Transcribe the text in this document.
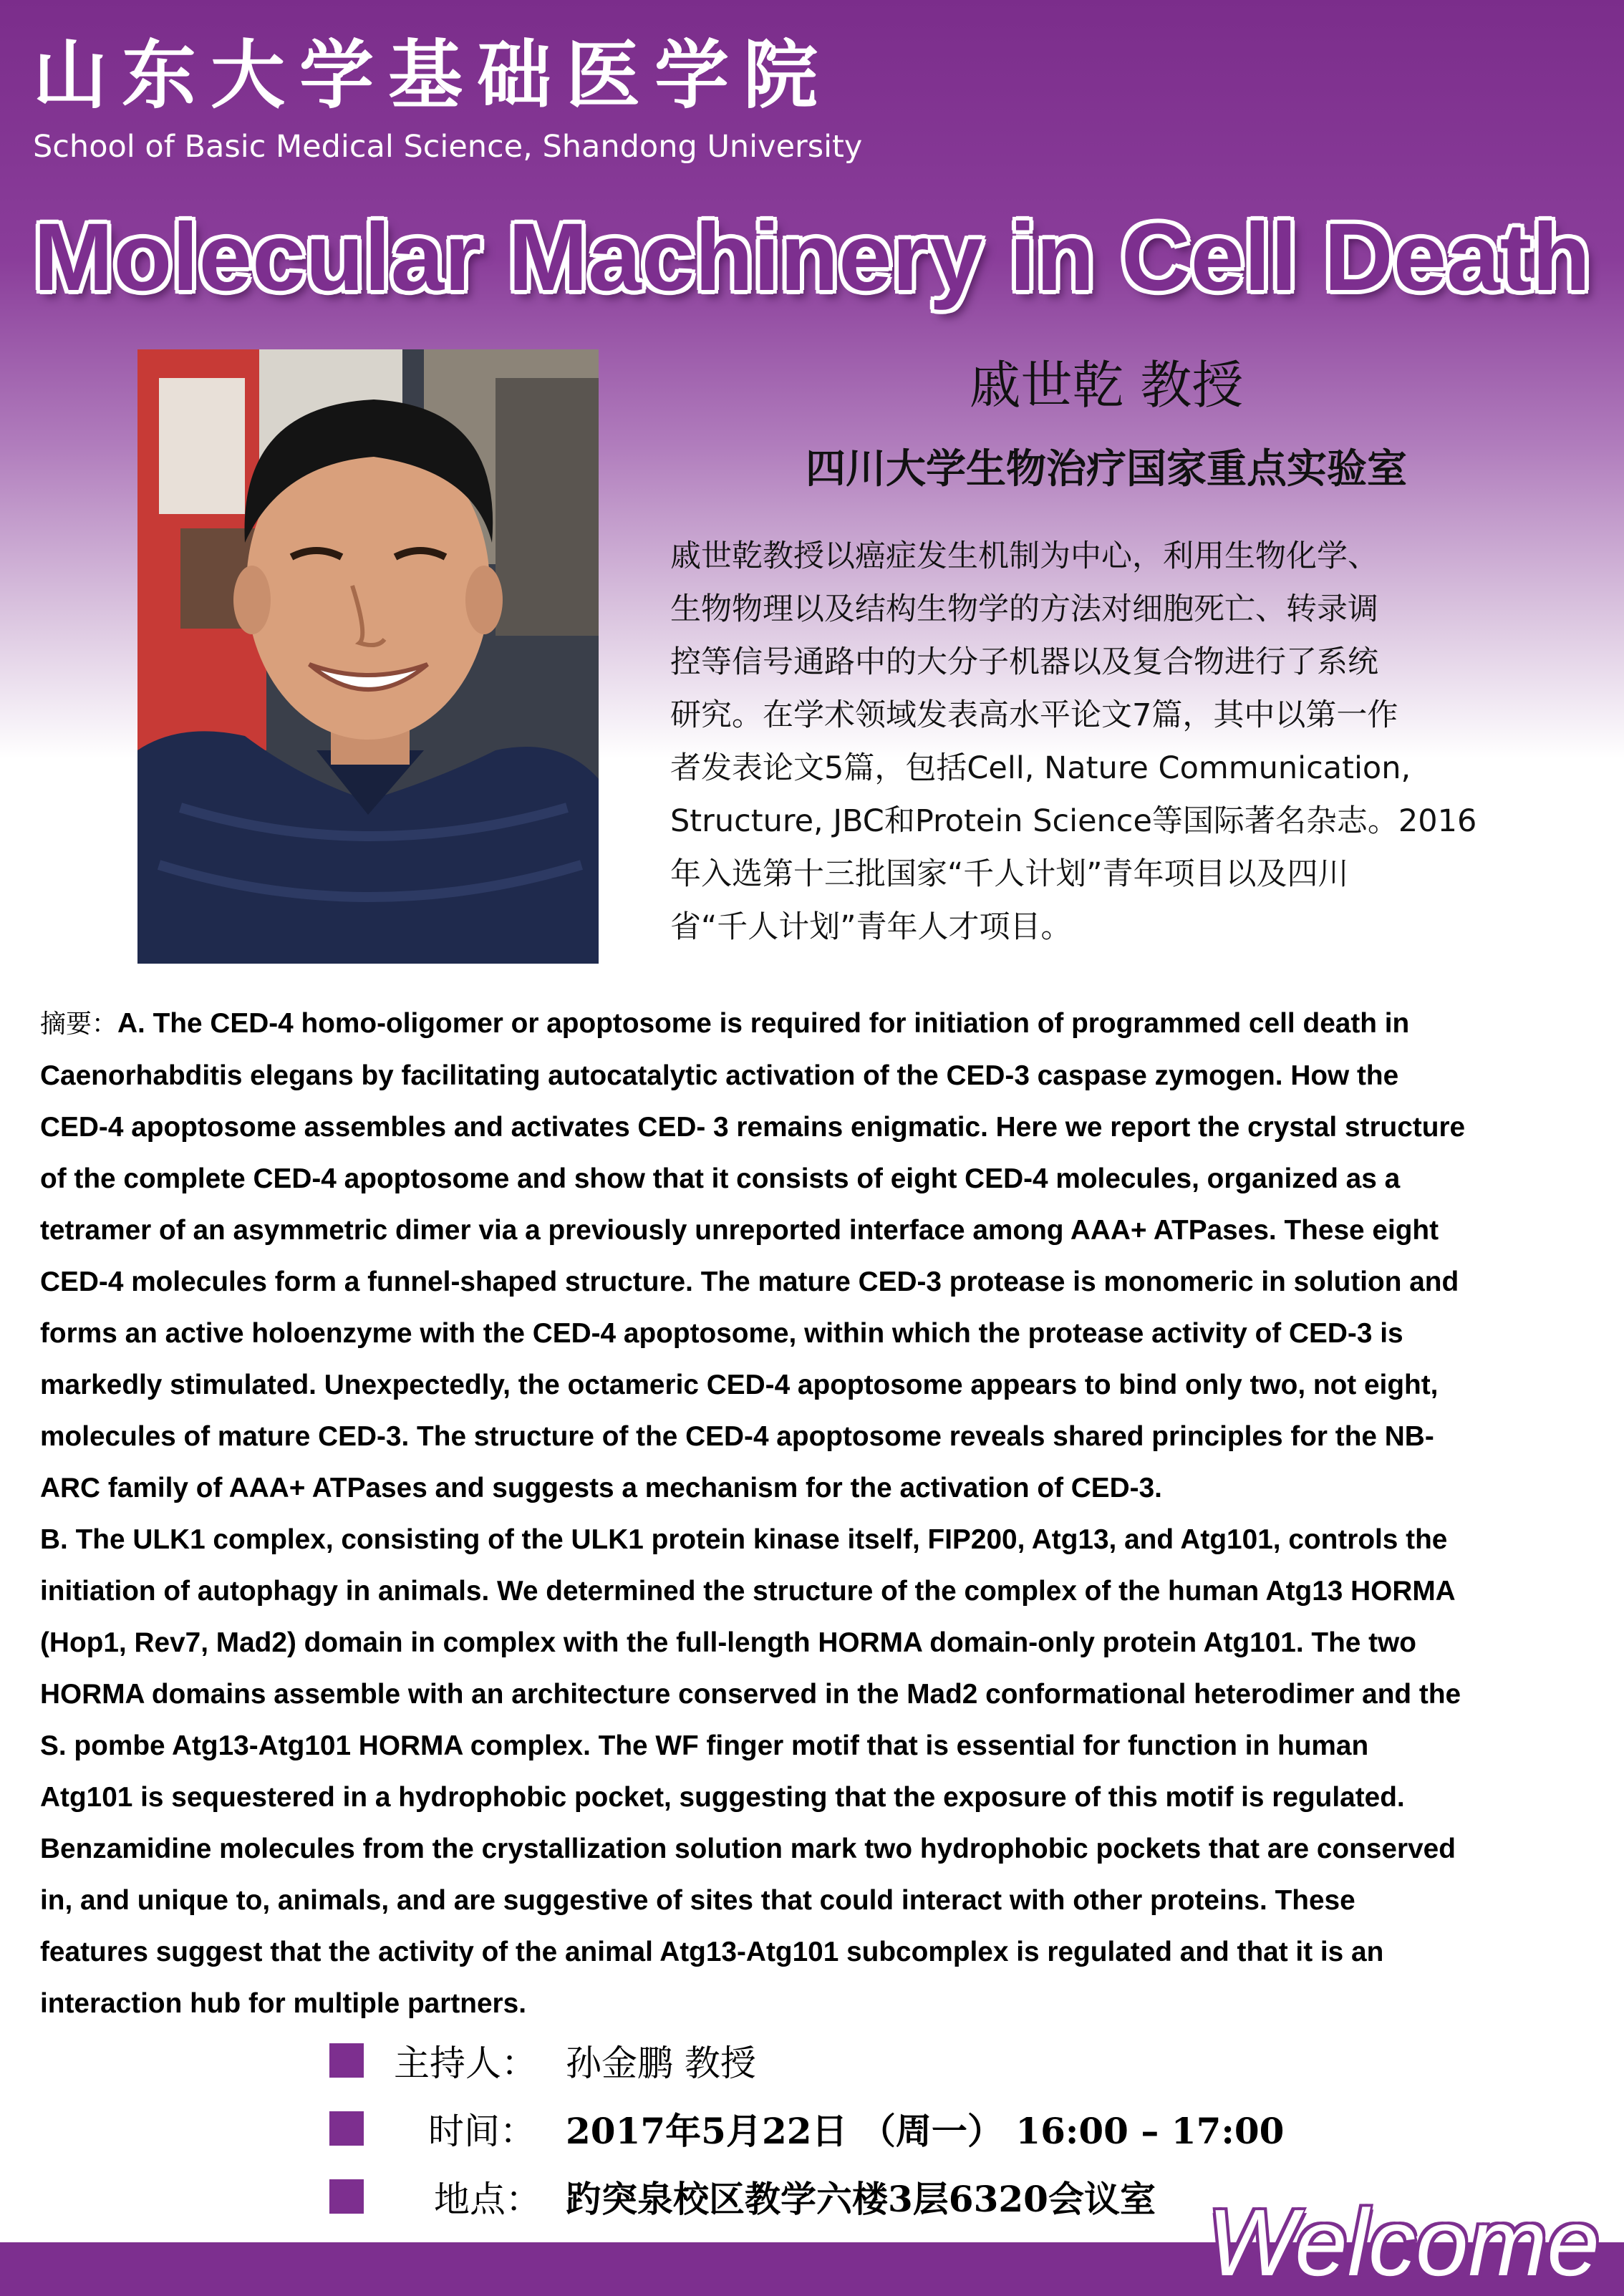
山东大学基础医学院
School of Basic Medical Science, Shandong University
Molecular Machinery in Cell Death
戚世乾 教授
四川大学生物治疗国家重点实验室
戚世乾教授以癌症发生机制为中心，利用生物化学、
生物物理以及结构生物学的方法对细胞死亡、转录调
控等信号通路中的大分子机器以及复合物进行了系统
研究。在学术领域发表高水平论文7篇，其中以第一作
者发表论文5篇，包括Cell, Nature Communication,
Structure, JBC和Protein Science等国际著名杂志。2016
年入选第十三批国家“千人计划”青年项目以及四川
省“千人计划”青年人才项目。
摘要：A. The CED-4 homo-oligomer or apoptosome is required for initiation of programmed cell death in
Caenorhabditis elegans by facilitating autocatalytic activation of the CED-3 caspase zymogen. How the
CED-4 apoptosome assembles and activates CED- 3 remains enigmatic. Here we report the crystal structure
of the complete CED-4 apoptosome and show that it consists of eight CED-4 molecules, organized as a
tetramer of an asymmetric dimer via a previously unreported interface among AAA+ ATPases. These eight
CED-4 molecules form a funnel-shaped structure. The mature CED-3 protease is monomeric in solution and
forms an active holoenzyme with the CED-4 apoptosome, within which the protease activity of CED-3 is
markedly stimulated. Unexpectedly, the octameric CED-4 apoptosome appears to bind only two, not eight,
molecules of mature CED-3. The structure of the CED-4 apoptosome reveals shared principles for the NB-
ARC family of AAA+ ATPases and suggests a mechanism for the activation of CED-3.
B. The ULK1 complex, consisting of the ULK1 protein kinase itself, FIP200, Atg13, and Atg101, controls the
initiation of autophagy in animals. We determined the structure of the complex of the human Atg13 HORMA
(Hop1, Rev7, Mad2) domain in complex with the full-length HORMA domain-only protein Atg101. The two
HORMA domains assemble with an architecture conserved in the Mad2 conformational heterodimer and the
S. pombe Atg13-Atg101 HORMA complex. The WF finger motif that is essential for function in human
Atg101 is sequestered in a hydrophobic pocket, suggesting that the exposure of this motif is regulated.
Benzamidine molecules from the crystallization solution mark two hydrophobic pockets that are conserved
in, and unique to, animals, and are suggestive of sites that could interact with other proteins. These
features suggest that the activity of the animal Atg13-Atg101 subcomplex is regulated and that it is an
interaction hub for multiple partners.
主持人： 孙金鹏 教授
时间： 2017年5月22日 （周一） 16:00 – 17:00
地点： 趵突泉校区教学六楼3层6320会议室 Welcome
